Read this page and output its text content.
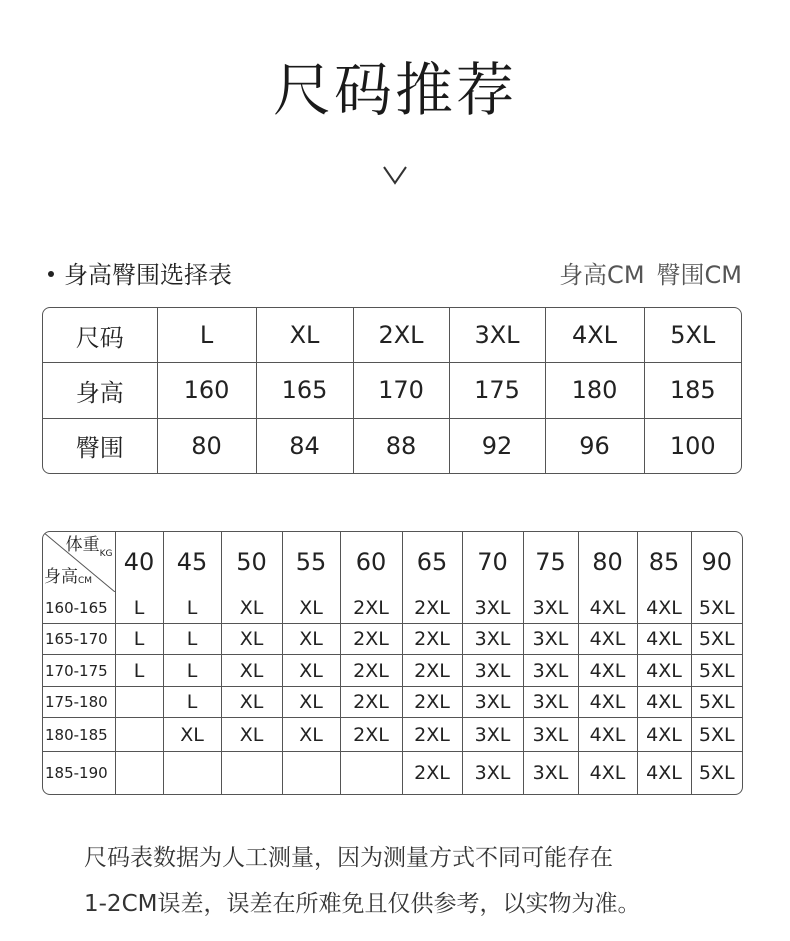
尺码推荐
身高臀围选择表	身高CM 臀围CM
尺码	L	XL	2XL	3XL	4XL	5XL
身高	160	165	170	175	180	185
臀围	80	84	88	92	96	100
体重$_{KG}$
身高CM	40	45	50	55	60	65	70	75	80	85	90
160-165	L	L	XL	XL	2XL	2XL	3XL	3XL	4XL	4XL	5XL
165-170	L	L	XL	XL	2XL	2XL	3XL	3XL	4XL	4XL	5XL
170-175	L	L	XL	XL	2XL	2XL	3XL	3XL	4XL	4XL	5XL
175-180		L	XL	XL	2XL	2XL	3XL	3XL	4XL	4XL	5XL
180-185		XL	XL	XL	2XL	2XL	3XL	3XL	4XL	4XL	5XL
185-190						2XL	3XL	3XL	4XL	4XL	5XL
尺码表数据为人工测量，因为测量方式不同可能存在
1-2CM误差，误差在所难免且仅供参考，以实物为准。
